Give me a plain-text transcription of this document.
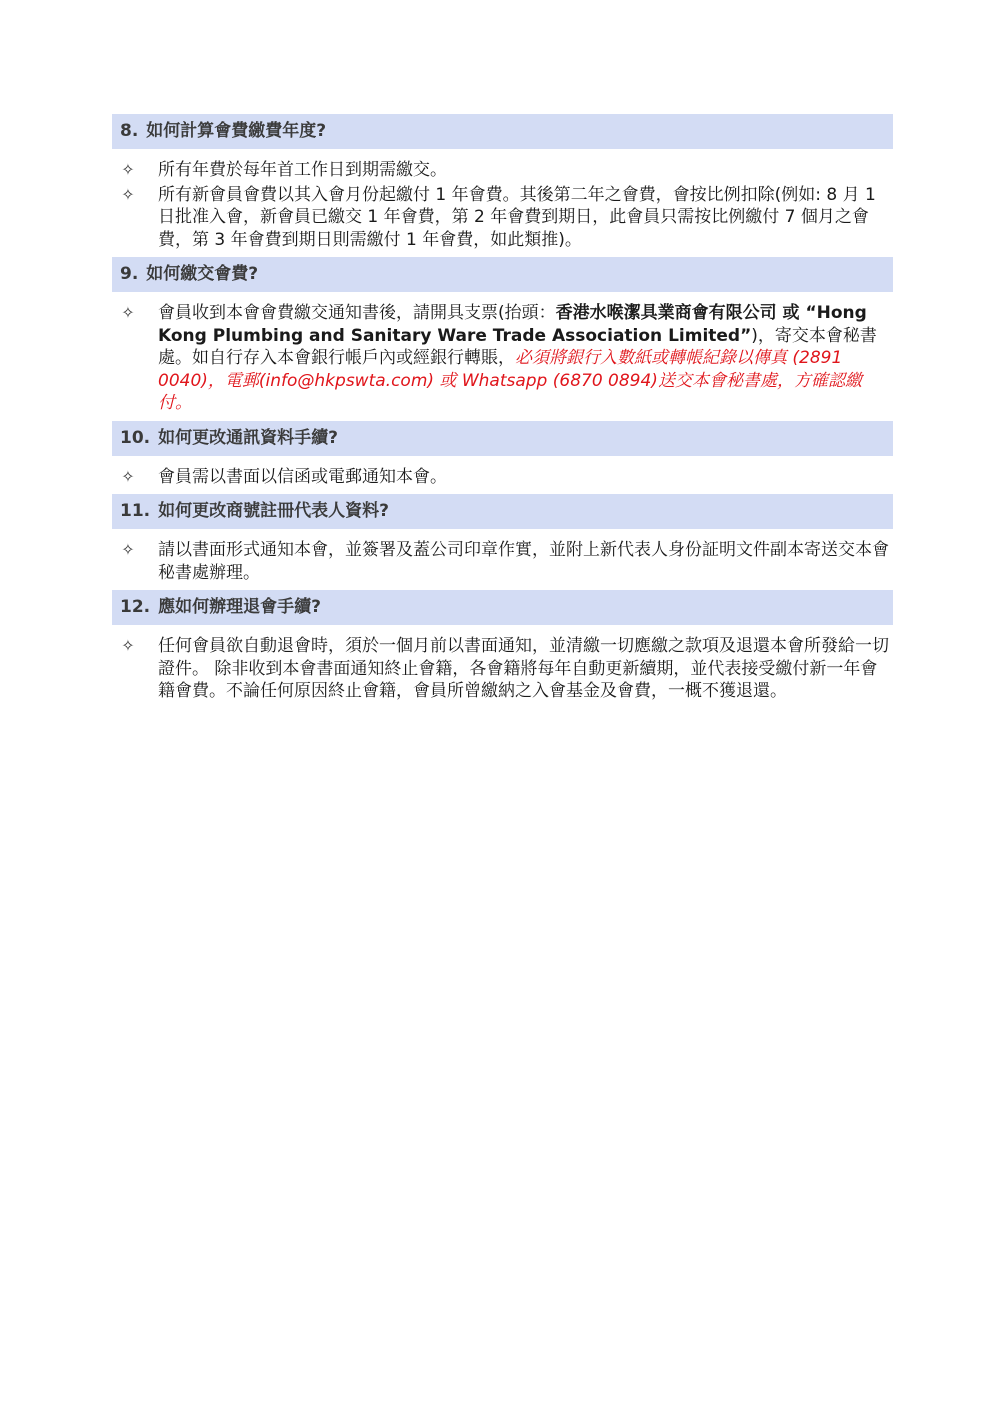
8. 如何計算會費繳費年度?
✧ 所有年費於每年首工作日到期需繳交。
✧ 所有新會員會費以其入會月份起繳付 1 年會費。其後第二年之會費，會按比例扣除(例如: 8 月 1 日批准入會，新會員已繳交 1 年會費，第 2 年會費到期日，此會員只需按比例繳付 7 個月之會費，第 3 年會費到期日則需繳付 1 年會費，如此類推)。
9. 如何繳交會費?
✧ 會員收到本會會費繳交通知書後，請開具支票(抬頭：香港水喉潔具業商會有限公司 或 “Hong Kong Plumbing and Sanitary Ware Trade Association Limited”)，寄交本會秘書處。如自行存入本會銀行帳戶內或經銀行轉賬，必須將銀行入數紙或轉帳紀錄以傳真 (2891 0040)，電郵(info@hkpswta.com) 或 Whatsapp (6870 0894)送交本會秘書處，方確認繳付。
10. 如何更改通訊資料手續?
✧ 會員需以書面以信函或電郵通知本會。
11. 如何更改商號註冊代表人資料?
✧ 請以書面形式通知本會，並簽署及蓋公司印章作實，並附上新代表人身份証明文件副本寄送交本會秘書處辦理。
12. 應如何辦理退會手續?
✧ 任何會員欲自動退會時，須於一個月前以書面通知，並清繳一切應繳之款項及退還本會所發給一切證件。 除非收到本會書面通知終止會籍，各會籍將每年自動更新續期，並代表接受繳付新一年會籍會費。不論任何原因終止會籍，會員所曾繳納之入會基金及會費，一概不獲退還。
